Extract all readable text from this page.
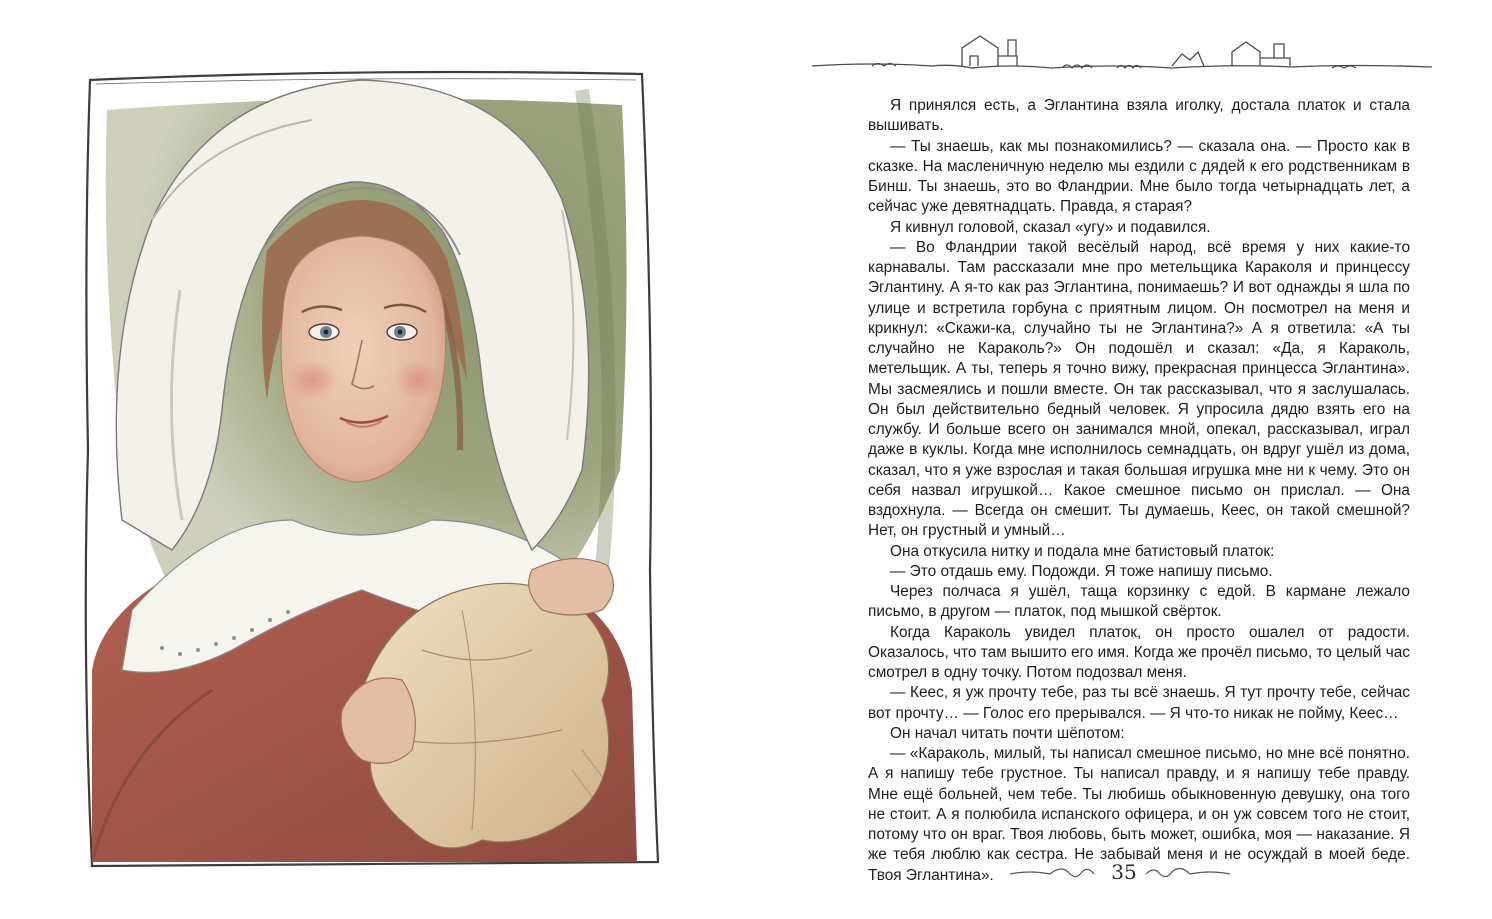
Я принялся есть, а Эглантина взяла иголку, достала платок и стала вышивать.

— Ты знаешь, как мы познакомились? — сказала она. — Просто как в сказке. На масленичную неделю мы ездили с дядей к его родственникам в Бинш. Ты знаешь, это во Фландрии. Мне было тогда четырнадцать лет, а сейчас уже девятнадцать. Правда, я старая?

Я кивнул головой, сказал «угу» и подавился.

— Во Фландрии такой весёлый народ, всё время у них какие-то карнавалы. Там рассказали мне про метельщика Караколя и принцессу Эглантину. А я-то как раз Эглантина, понимаешь? И вот однажды я шла по улице и встретила горбуна с приятным лицом. Он посмотрел на меня и крикнул: «Скажи-ка, случайно ты не Эглантина?» А я ответила: «А ты случайно не Караколь?» Он подошёл и сказал: «Да, я Караколь, метельщик. А ты, теперь я точно вижу, прекрасная принцесса Эглантина». Мы засмеялись и пошли вместе. Он так рассказывал, что я заслушалась. Он был действительно бедный человек. Я упросила дядю взять его на службу. И больше всего он занимался мной, опекал, рассказывал, играл даже в куклы. Когда мне исполнилось семнадцать, он вдруг ушёл из дома, сказал, что я уже взрослая и такая большая игрушка мне ни к чему. Это он себя назвал игрушкой… Какое смешное письмо он прислал. — Она вздохнула. — Всегда он смешит. Ты думаешь, Кеес, он такой смешной? Нет, он грустный и умный…

Она откусила нитку и подала мне батистовый платок:

— Это отдашь ему. Подожди. Я тоже напишу письмо.

Через полчаса я ушёл, таща корзинку с едой. В кармане лежало письмо, в другом — платок, под мышкой свёрток.

Когда Караколь увидел платок, он просто ошалел от радости. Оказалось, что там вышито его имя. Когда же прочёл письмо, то целый час смотрел в одну точку. Потом подозвал меня.

— Кеес, я уж прочту тебе, раз ты всё знаешь. Я тут прочту тебе, сейчас вот прочту… — Голос его прерывался. — Я что-то никак не пойму, Кеес…

Он начал читать почти шёпотом:

— «Караколь, милый, ты написал смешное письмо, но мне всё понятно. А я напишу тебе грустное. Ты написал правду, и я напишу тебе правду. Мне ещё больней, чем тебе. Ты любишь обыкновенную девушку, она того не стоит. А я полюбила испанского офицера, и он уж совсем того не стоит, потому что он враг. Твоя любовь, быть может, ошибка, моя — наказание. Я же тебя люблю как сестра. Не забывай меня и не осуждай в моей беде. Твоя Эглантина».	35
